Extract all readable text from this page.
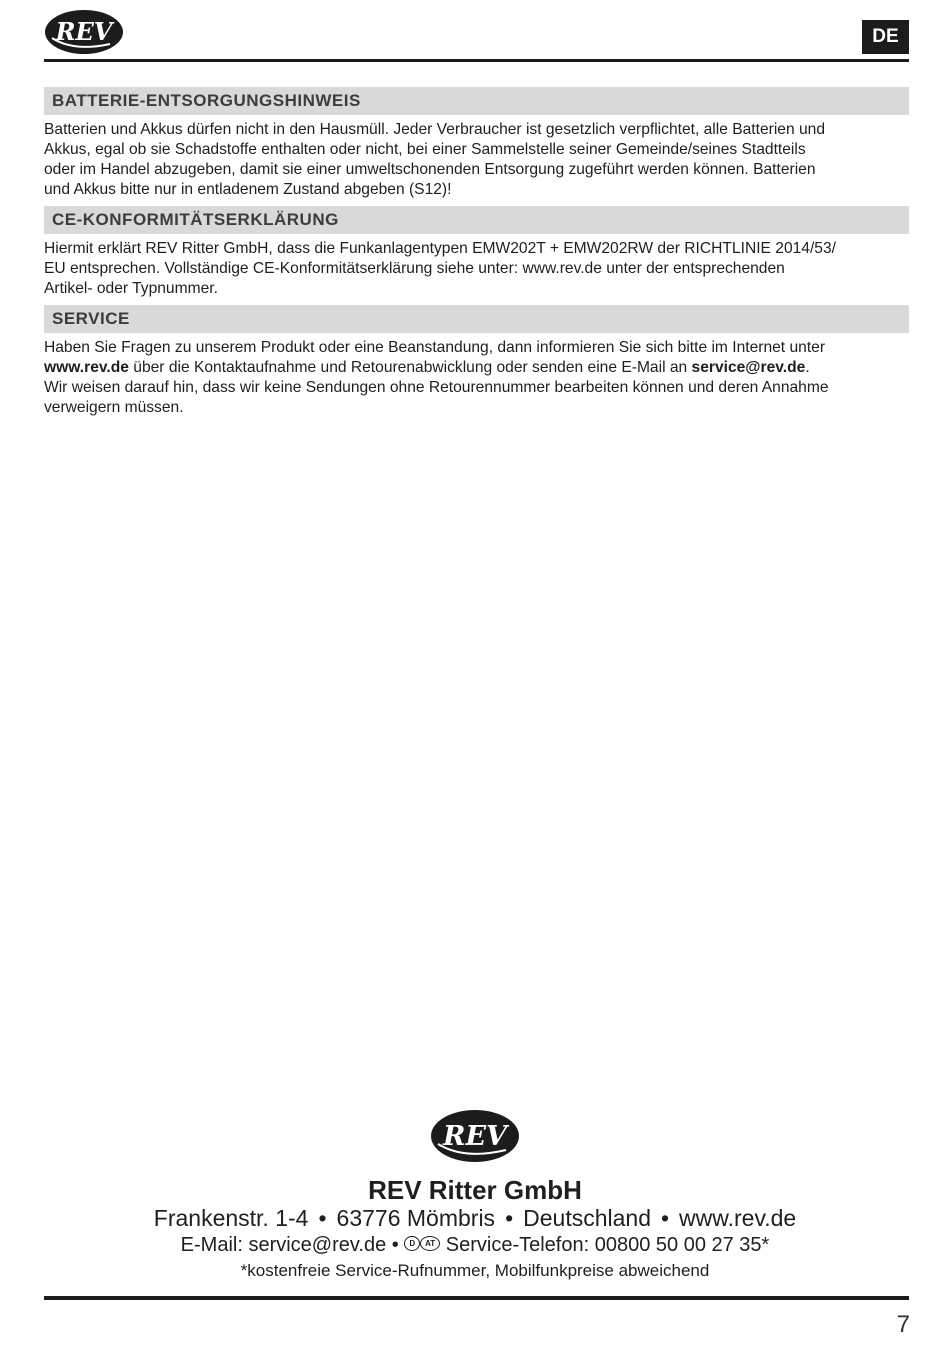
REV	DE
BATTERIE-ENTSORGUNGSHINWEIS
Batterien und Akkus dürfen nicht in den Hausmüll. Jeder Verbraucher ist gesetzlich verpflichtet, alle Batterien und
Akkus, egal ob sie Schadstoffe enthalten oder nicht, bei einer Sammelstelle seiner Gemeinde/seines Stadtteils
oder im Handel abzugeben, damit sie einer umweltschonenden Entsorgung zugeführt werden können. Batterien
und Akkus bitte nur in entladenem Zustand abgeben (S12)!
CE-KONFORMITÄTSERKLÄRUNG
Hiermit erklärt REV Ritter GmbH, dass die Funkanlagentypen EMW202T + EMW202RW der RICHTLINIE 2014/53/
EU entsprechen. Vollständige CE-Konformitätserklärung siehe unter: www.rev.de unter der entsprechenden
Artikel- oder Typnummer.
SERVICE
Haben Sie Fragen zu unserem Produkt oder eine Beanstandung, dann informieren Sie sich bitte im Internet unter
www.rev.de über die Kontaktaufnahme und Retourenabwicklung oder senden eine E-Mail an service@rev.de.
Wir weisen darauf hin, dass wir keine Sendungen ohne Retourennummer bearbeiten können und deren Annahme
verweigern müssen.
REV
REV Ritter GmbH
Frankenstr. 1-4 • 63776 Mömbris • Deutschland • www.rev.de
E-Mail: service@rev.de • D AT Service-Telefon: 00800 50 00 27 35*
*kostenfreie Service-Rufnummer, Mobilfunkpreise abweichend
7
